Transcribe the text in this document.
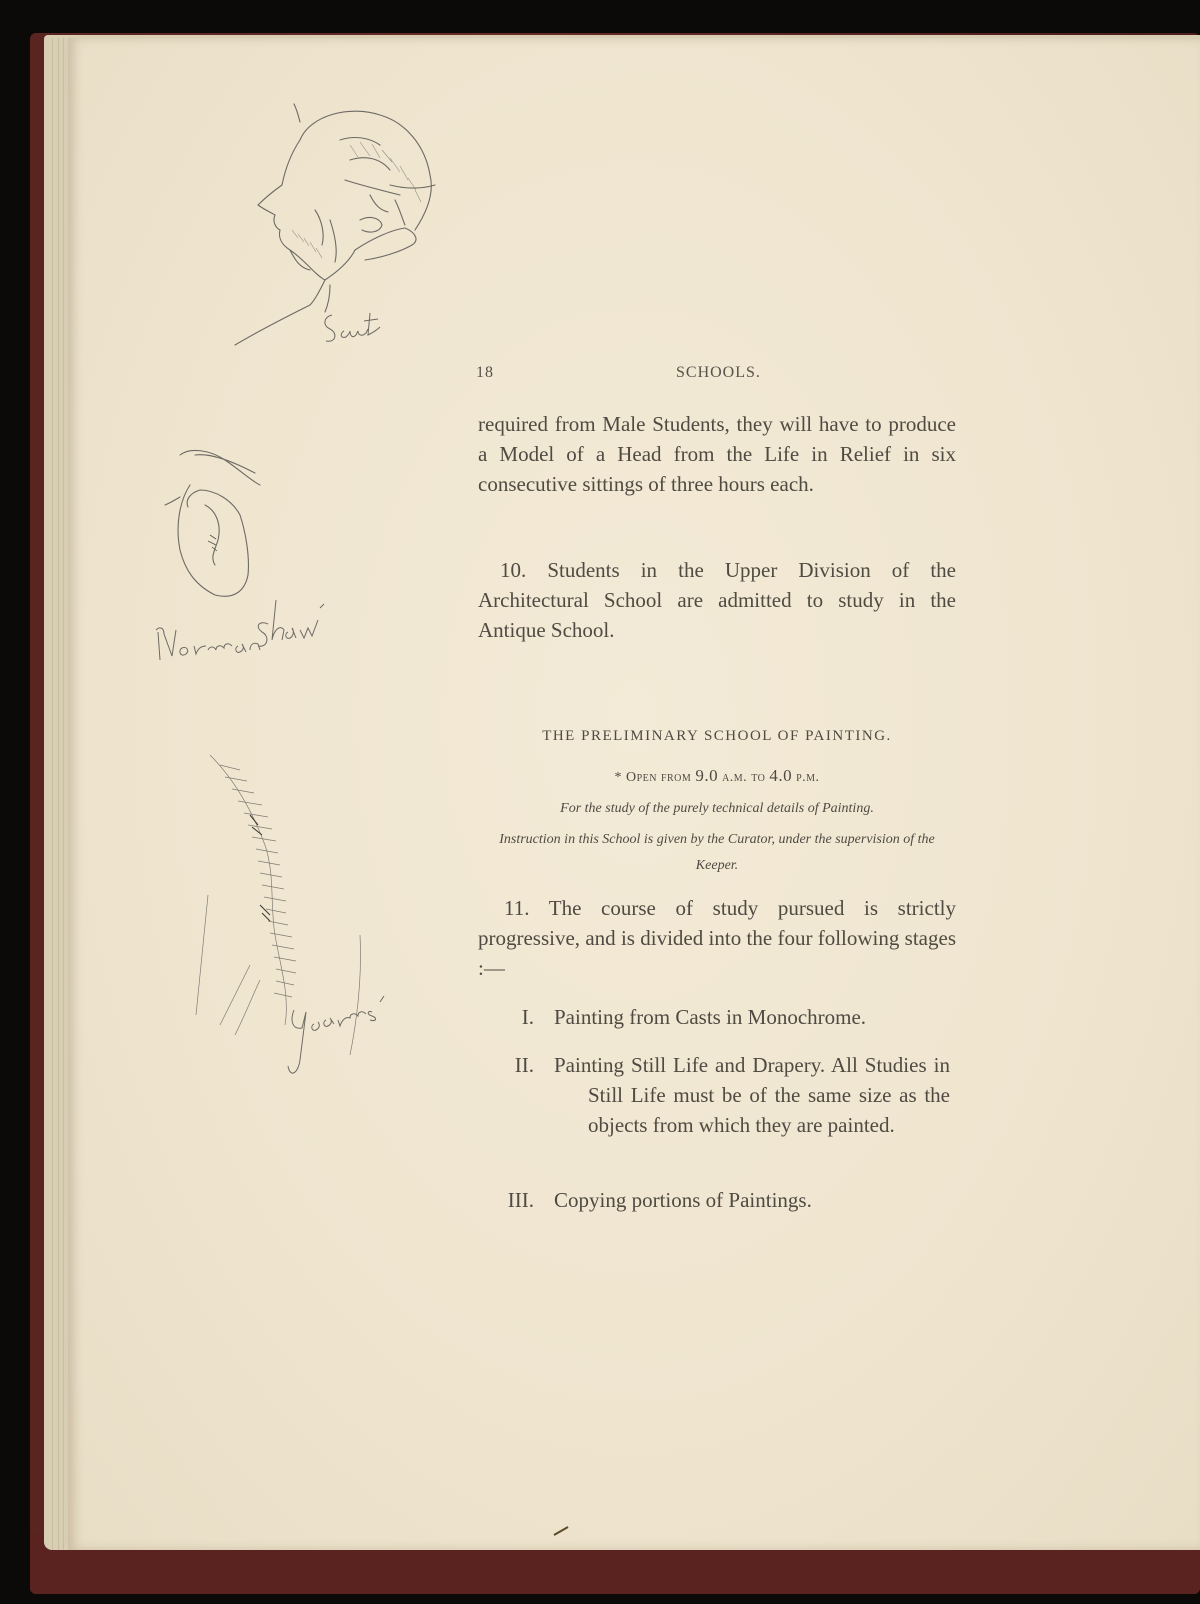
18	SCHOOLS.

required from Male Students, they will have to produce a Model of a Head from the Life in Relief in six consecutive sittings of three hours each.

10. Students in the Upper Division of the Architectural School are admitted to study in the Antique School.

THE PRELIMINARY SCHOOL OF PAINTING.
* Open from 9.0 a.m. to 4.0 p.m.
For the study of the purely technical details of Painting.
Instruction in this School is given by the Curator, under the supervision of the Keeper.

11. The course of study pursued is strictly progressive, and is divided into the four following stages :—

I. Painting from Casts in Monochrome.
II. Painting Still Life and Drapery. All Studies in Still Life must be of the same size as the objects from which they are painted.
III. Copying portions of Paintings.
